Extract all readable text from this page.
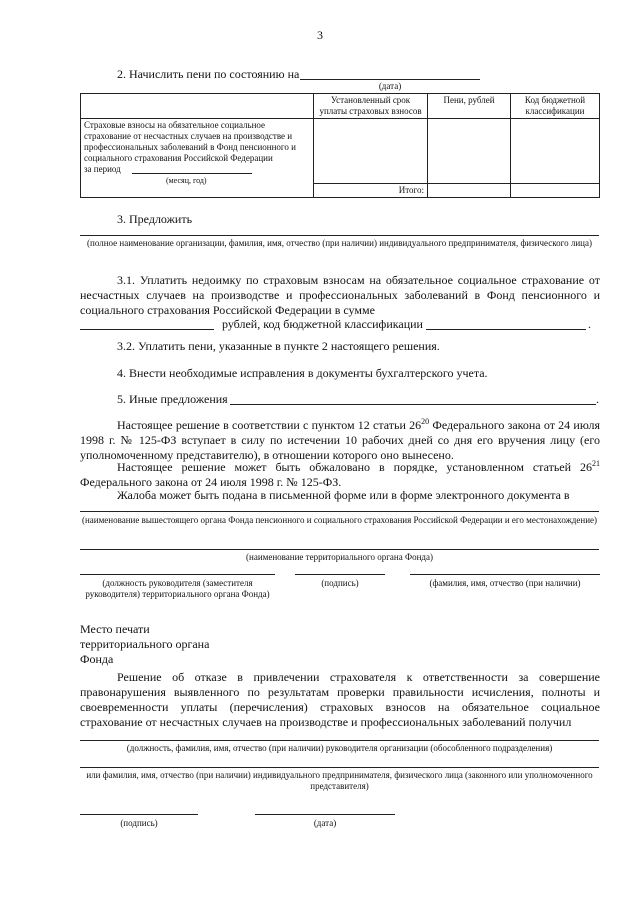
3
2. Начислить пени по состоянию на
(дата)
	Установленный срок уплаты страховых взносов	Пени, рублей	Код бюджетной классификации

Страховые взносы на обязательное социальное страхование от несчастных случаев на производстве и профессиональных заболеваний в Фонд пенсионного и социального страхования Российской Федерации
за период
(месяц, год)			

	Итого:		
3. Предложить
(полное наименование организации, фамилия, имя, отчество (при наличии) индивидуального предпринимателя, физического лица)
3.1. Уплатить недоимку по страховым взносам на обязательное социальное страхование от несчастных случаев на производстве и профессиональных заболеваний в Фонд пенсионного и социального страхования Российской Федерации в сумме
рублей, код бюджетной классификации	.
3.2. Уплатить пени, указанные в пункте 2 настоящего решения.
4. Внести необходимые исправления в документы бухгалтерского учета.
5. Иные предложения	.
Настоящее решение в соответствии с пунктом 12 статьи $26^{20}$ Федерального закона от 24 июля 1998 г. № 125-ФЗ вступает в силу по истечении 10 рабочих дней со дня его вручения лицу (его уполномоченному представителю), в отношении которого оно вынесено.
Настоящее решение может быть обжаловано в порядке, установленном статьей $26^{21}$ Федерального закона от 24 июля 1998 г. № 125-ФЗ.
Жалоба может быть подана в письменной форме или в форме электронного документа в
(наименование вышестоящего органа Фонда пенсионного и социального страхования Российской Федерации и его местонахождение)
(наименование территориального органа Фонда)
(должность руководителя (заместителя руководителя) территориального органа Фонда)
(подпись)	(фамилия, имя, отчество (при наличии)
Место печати
территориального органа
Фонда
Решение об отказе в привлечении страхователя к ответственности за совершение правонарушения выявленного по результатам проверки правильности исчисления, полноты и своевременности уплаты (перечисления) страховых взносов на обязательное социальное страхование от несчастных случаев на производстве и профессиональных заболеваний получил
(должность, фамилия, имя, отчество (при наличии) руководителя организации (обособленного подразделения)
или фамилия, имя, отчество (при наличии) индивидуального предпринимателя, физического лица (законного или уполномоченного представителя)
(подпись)	(дата)
